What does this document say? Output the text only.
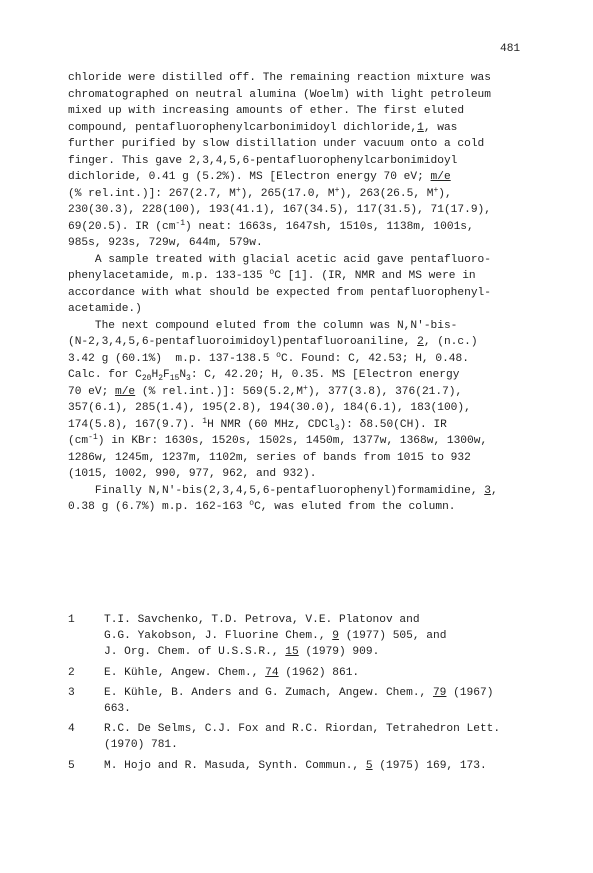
481
chloride were distilled off. The remaining reaction mixture was
chromatographed on neutral alumina (Woelm) with light petroleum
mixed up with increasing amounts of ether. The first eluted
compound, pentafluorophenylcarbonimidoyl dichloride,1, was
further purified by slow distillation under vacuum onto a cold
finger. This gave 2,3,4,5,6-pentafluorophenylcarbonimidoyl
dichloride, 0.41 g (5.2%). MS [Electron energy 70 eV; m/e
(% rel.int.)]: 267(2.7, M+), 265(17.0, M+), 263(26.5, M+),
230(30.3), 228(100), 193(41.1), 167(34.5), 117(31.5), 71(17.9),
69(20.5). IR $(cm^{-1})$ neat: 1663s, 1647sh, 1510s, 1138m, 1001s,
985s, 923s, 729w, 644m, 579w.
A sample treated with glacial acetic acid gave pentafluoro-
phenylacetamide, m.p. 133-135 $^o$C [1]. (IR, NMR and MS were in
accordance with what should be expected from pentafluorophenyl-
acetamide.)
The next compound eluted from the column was N,N'-bis-
(N-2,3,4,5,6-pentafluoroimidoyl)pentafluoroaniline, 2, (n.c.)
3.42 g (60.1%)  m.p. 137-138.5 $^o$C. Found: C, 42.53; H, 0.48.
Calc. for $C_{20}H_2F_{15}N_3$: C, 42.20; H, 0.35. MS [Electron energy
70 eV; m/e (% rel.int.)]: 569(5.2,M+), 377(3.8), 376(21.7),
357(6.1), 285(1.4), 195(2.8), 194(30.0), 184(6.1), 183(100),
174(5.8), 167(9.7). $^1$H NMR (60 MHz, CDCl$_3$): δ8.50(CH). IR
$(cm^{-1})$ in KBr: 1630s, 1520s, 1502s, 1450m, 1377w, 1368w, 1300w,
1286w, 1245m, 1237m, 1102m, series of bands from 1015 to 932
(1015, 1002, 990, 977, 962, and 932).
Finally N,N'-bis(2,3,4,5,6-pentafluorophenyl)formamidine, 3,
0.38 g (6.7%) m.p. 162-163 $^o$C, was eluted from the column.
1	T.I. Savchenko, T.D. Petrova, V.E. Platonov and
G.G. Yakobson, J. Fluorine Chem., 9 (1977) 505, and
J. Org. Chem. of U.S.S.R., 15 (1979) 909.
2	E. Kühle, Angew. Chem., 74 (1962) 861.
3	E. Kühle, B. Anders and G. Zumach, Angew. Chem., 79 (1967)
663.
4	R.C. De Selms, C.J. Fox and R.C. Riordan, Tetrahedron Lett.
(1970) 781.
5	M. Hojo and R. Masuda, Synth. Commun., 5 (1975) 169, 173.
